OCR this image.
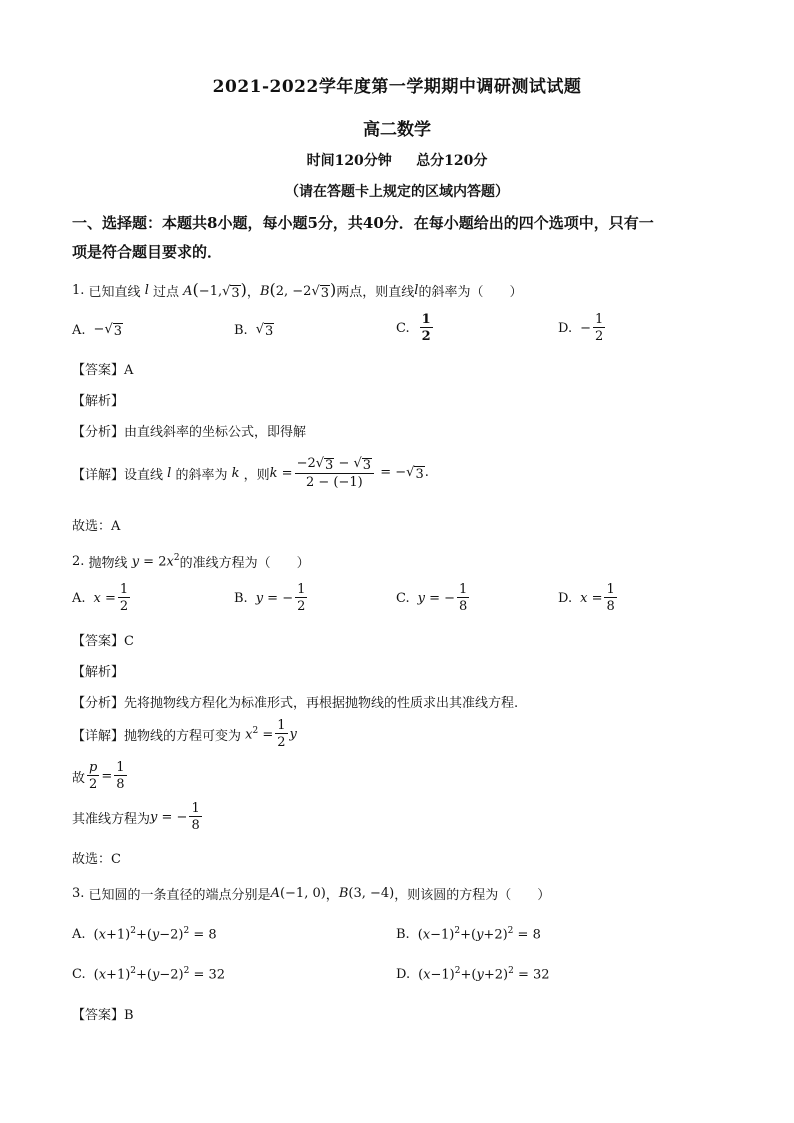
2021-2022学年度第一学期期中调研测试试题
高二数学
时间120分钟 总分120分
（请在答题卡上规定的区域内答题）
一、选择题：本题共8小题，每小题5分，共40分．在每小题给出的四个选项中，只有一
项是符合题目要求的．
1.
已知直线 l 过点 A(−1, √ 3 ) ， B(2, −2 √ 3 ) 两点，则直线 l 的斜率为（　　）
A. − √ 3	B. √ 3	C. $\frac{1}{2}$	D. − $\frac{1}{2}$
【答案】A
【解析】
【分析】由直线斜率的坐标公式，即得解
【详解】 设直线 l 的斜率为 k ，则 $k = \frac{-2 √ 3 - √ 3}{2 - (-1)}$ = − √ 3 .
故选：A
2.
抛物线 $y = 2x^2$ 的准线方程为（　　）
A. $x = \frac{1}{2}$	B. y = − $\frac{1}{2}$	C. y = − $\frac{1}{8}$	D. $x = \frac{1}{8}$
【答案】C
【解析】
【分析】先将抛物线方程化为标准形式，再根据抛物线的性质求出其准线方程.
【详解】 抛物线的方程可变为 $x^2 = \frac{1}{2}$ y
故 $\frac{p}{2} = \frac{1}{8}$
其准线方程为 y = − $\frac{1}{8}$
故选：C
3.
已知圆的一条直径的端点分别是 A(−1, 0) ， B(3, −4) ，则该圆的方程为（　　）
A. $(x+1)^2+(y-2)^2 = 8$	B. $(x-1)^2+(y+2)^2 = 8$
C. $(x+1)^2+(y-2)^2 = 32$	D. $(x-1)^2+(y+2)^2 = 32$
【答案】B
